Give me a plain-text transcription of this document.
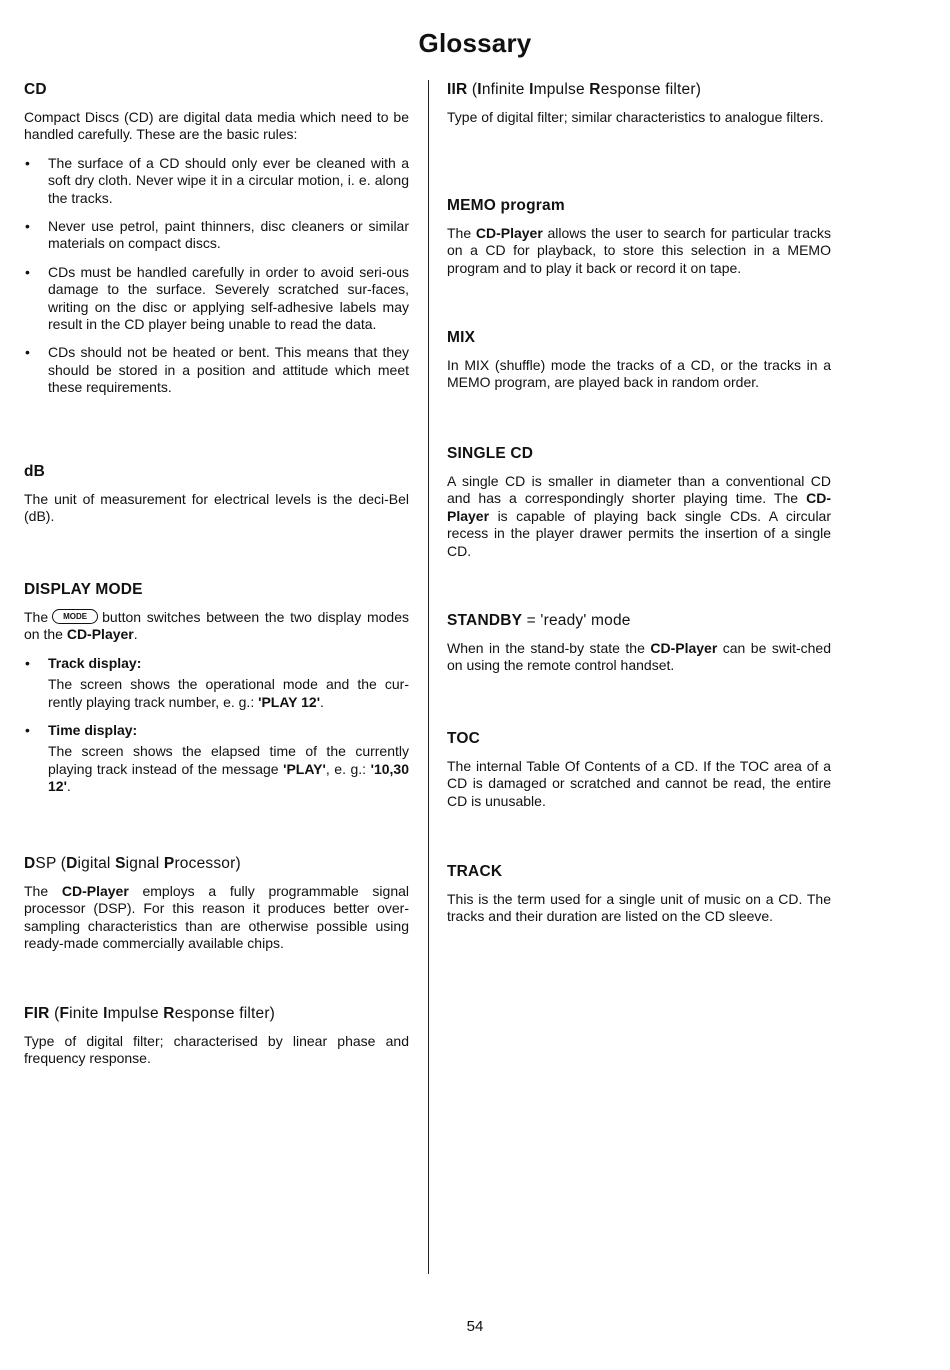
Glossary
CD

Compact Discs (CD) are digital data media which need to be handled carefully. These are the basic rules:

• The surface of a CD should only ever be cleaned with a soft dry cloth. Never wipe it in a circular motion, i. e. along the tracks.

• Never use petrol, paint thinners, disc cleaners or similar materials on compact discs.

• CDs must be handled carefully in order to avoid seri-ous damage to the surface. Severely scratched sur-faces, writing on the disc or applying self-adhesive labels may result in the CD player being unable to read the data.

• CDs should not be heated or bent. This means that they should be stored in a position and attitude which meet these requirements.

dB

The unit of measurement for electrical levels is the deci-Bel (dB).

DISPLAY MODE

The MODE button switches between the two display modes on the CD-Player.

• Track display:

The screen shows the operational mode and the cur-rently playing track number, e. g.: 'PLAY 12'.

• Time display:

The screen shows the elapsed time of the currently playing track instead of the message 'PLAY', e. g.: '10,30 12'.

DSP (Digital Signal Processor)

The CD-Player employs a fully programmable signal processor (DSP). For this reason it produces better over-sampling characteristics than are otherwise possible using ready-made commercially available chips.

FIR (Finite Impulse Response filter)

Type of digital filter; characterised by linear phase and frequency response.

IIR (Infinite Impulse Response filter)

Type of digital filter; similar characteristics to analogue filters.

MEMO program

The CD-Player allows the user to search for particular tracks on a CD for playback, to store this selection in a MEMO program and to play it back or record it on tape.

MIX

In MIX (shuffle) mode the tracks of a CD, or the tracks in a MEMO program, are played back in random order.

SINGLE CD

A single CD is smaller in diameter than a conventional CD and has a correspondingly shorter playing time. The CD-Player is capable of playing back single CDs. A circular recess in the player drawer permits the insertion of a single CD.

STANDBY = 'ready' mode

When in the stand-by state the CD-Player can be swit-ched on using the remote control handset.

TOC

The internal Table Of Contents of a CD. If the TOC area of a CD is damaged or scratched and cannot be read, the entire CD is unusable.

TRACK

This is the term used for a single unit of music on a CD. The tracks and their duration are listed on the CD sleeve.

54
